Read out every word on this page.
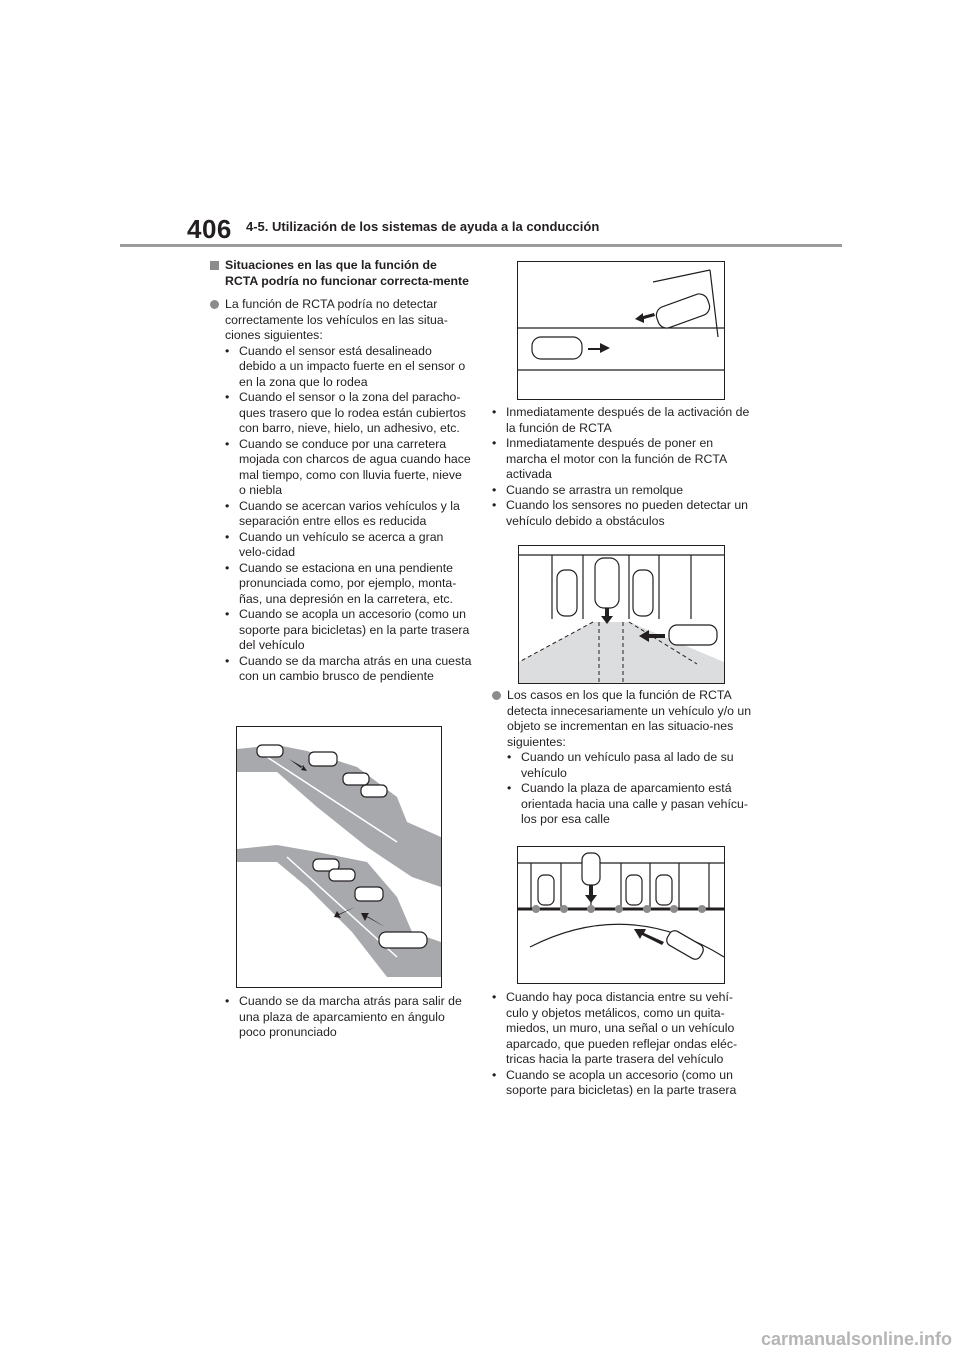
406 4-5. Utilización de los sistemas de ayuda a la conducción
Situaciones en las que la función de RCTA podría no funcionar correcta-mente
La función de RCTA podría no detectar correctamente los vehículos en las situa-ciones siguientes:
• Cuando el sensor está desalineado debido a un impacto fuerte en el sensor o en la zona que lo rodea
• Cuando el sensor o la zona del paracho-ques trasero que lo rodea están cubiertos con barro, nieve, hielo, un adhesivo, etc.
• Cuando se conduce por una carretera mojada con charcos de agua cuando hace mal tiempo, como con lluvia fuerte, nieve o niebla
• Cuando se acercan varios vehículos y la separación entre ellos es reducida
• Cuando un vehículo se acerca a gran velo-cidad
• Cuando se estaciona en una pendiente pronunciada como, por ejemplo, monta-ñas, una depresión en la carretera, etc.
• Cuando se acopla un accesorio (como un soporte para bicicletas) en la parte trasera del vehículo
• Cuando se da marcha atrás en una cuesta con un cambio brusco de pendiente
• Cuando se da marcha atrás para salir de una plaza de aparcamiento en ángulo poco pronunciado
• Inmediatamente después de la activación de la función de RCTA
• Inmediatamente después de poner en marcha el motor con la función de RCTA activada
• Cuando se arrastra un remolque
• Cuando los sensores no pueden detectar un vehículo debido a obstáculos
Los casos en los que la función de RCTA detecta innecesariamente un vehículo y/o un objeto se incrementan en las situacio-nes siguientes:
• Cuando un vehículo pasa al lado de su vehículo
• Cuando la plaza de aparcamiento está orientada hacia una calle y pasan vehícu-los por esa calle
• Cuando hay poca distancia entre su vehí-culo y objetos metálicos, como un quita-miedos, un muro, una señal o un vehículo aparcado, que pueden reflejar ondas eléc-tricas hacia la parte trasera del vehículo
• Cuando se acopla un accesorio (como un soporte para bicicletas) en la parte trasera
carmanualsonline.info
